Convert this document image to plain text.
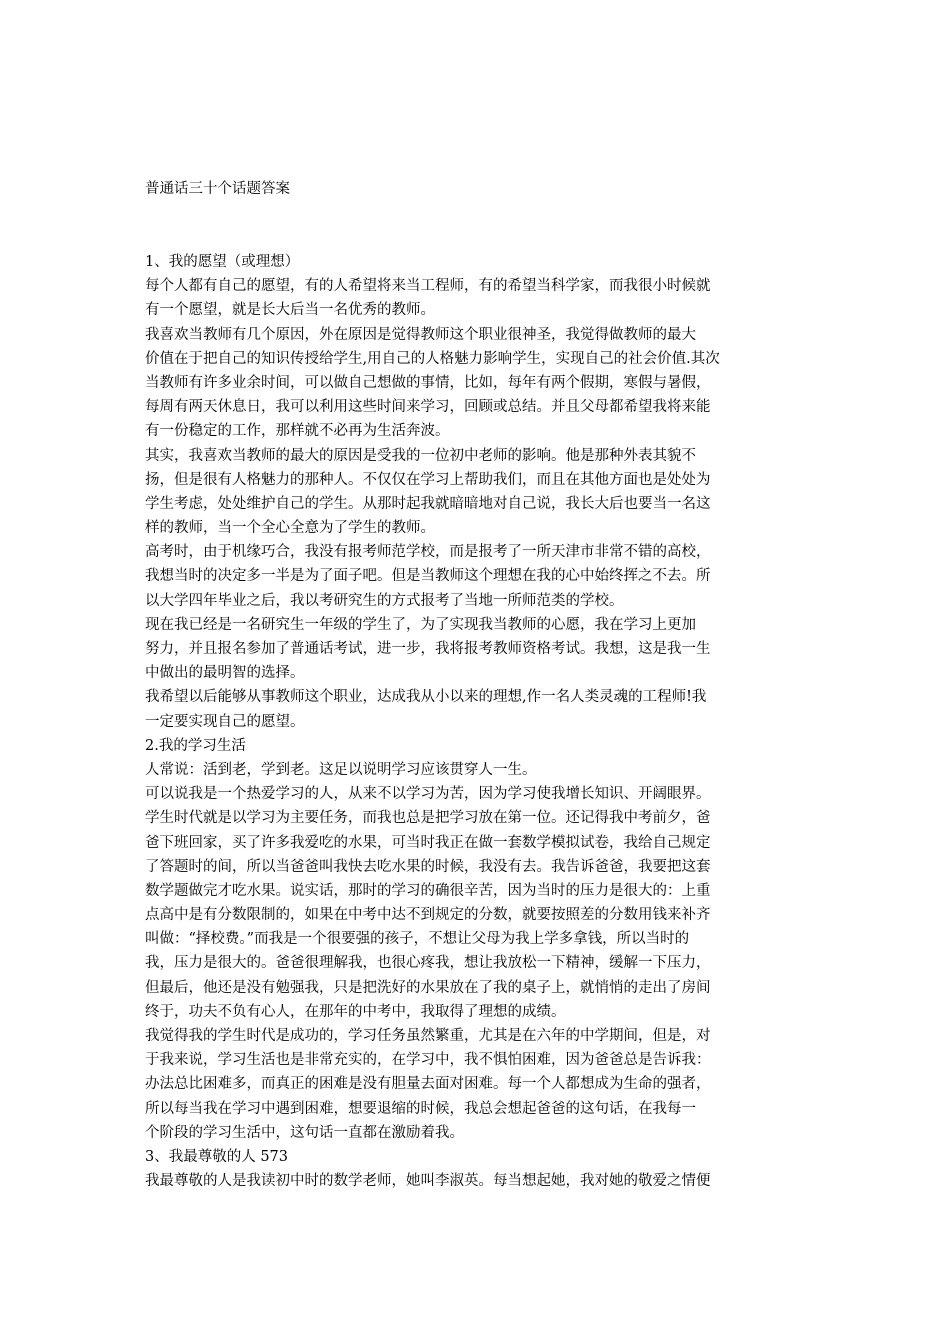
普通话三十个话题答案
1、我的愿望（或理想）
每个人都有自己的愿望，有的人希望将来当工程师，有的希望当科学家，而我很小时候就
有一个愿望，就是长大后当一名优秀的教师。
我喜欢当教师有几个原因，外在原因是觉得教师这个职业很神圣，我觉得做教师的最大
价值在于把自己的知识传授给学生,用自己的人格魅力影响学生，实现自己的社会价值.其次
当教师有许多业余时间，可以做自己想做的事情，比如，每年有两个假期，寒假与暑假，
每周有两天休息日，我可以利用这些时间来学习，回顾或总结。并且父母都希望我将来能
有一份稳定的工作，那样就不必再为生活奔波。
其实，我喜欢当教师的最大的原因是受我的一位初中老师的影响。他是那种外表其貌不
扬，但是很有人格魅力的那种人。不仅仅在学习上帮助我们，而且在其他方面也是处处为
学生考虑，处处维护自己的学生。从那时起我就暗暗地对自己说，我长大后也要当一名这
样的教师，当一个全心全意为了学生的教师。
高考时，由于机缘巧合，我没有报考师范学校，而是报考了一所天津市非常不错的高校，
我想当时的决定多一半是为了面子吧。但是当教师这个理想在我的心中始终挥之不去。所
以大学四年毕业之后，我以考研究生的方式报考了当地一所师范类的学校。
现在我已经是一名研究生一年级的学生了，为了实现我当教师的心愿，我在学习上更加
努力，并且报名参加了普通话考试，进一步，我将报考教师资格考试。我想，这是我一生
中做出的最明智的选择。
我希望以后能够从事教师这个职业，达成我从小以来的理想,作一名人类灵魂的工程师!我
一定要实现自己的愿望。
2.我的学习生活
人常说：活到老，学到老。这足以说明学习应该贯穿人一生。
可以说我是一个热爱学习的人，从来不以学习为苦，因为学习使我增长知识、开阔眼界。
学生时代就是以学习为主要任务，而我也总是把学习放在第一位。还记得我中考前夕，爸
爸下班回家，买了许多我爱吃的水果，可当时我正在做一套数学模拟试卷，我给自己规定
了答题时的间，所以当爸爸叫我快去吃水果的时候，我没有去。我告诉爸爸，我要把这套
数学题做完才吃水果。说实话，那时的学习的确很辛苦，因为当时的压力是很大的：上重
点高中是有分数限制的，如果在中考中达不到规定的分数，就要按照差的分数用钱来补齐
叫做：“择校费。”而我是一个很要强的孩子，不想让父母为我上学多拿钱，所以当时的
我，压力是很大的。爸爸很理解我，也很心疼我，想让我放松一下精神，缓解一下压力，
但最后，他还是没有勉强我，只是把洗好的水果放在了我的桌子上，就悄悄的走出了房间
终于，功夫不负有心人，在那年的中考中，我取得了理想的成绩。
我觉得我的学生时代是成功的，学习任务虽然繁重，尤其是在六年的中学期间，但是，对
于我来说，学习生活也是非常充实的，在学习中，我不惧怕困难，因为爸爸总是告诉我：
办法总比困难多，而真正的困难是没有胆量去面对困难。每一个人都想成为生命的强者，
所以每当我在学习中遇到困难，想要退缩的时候，我总会想起爸爸的这句话，在我每一
个阶段的学习生活中，这句话一直都在激励着我。
3、我最尊敬的人 573
我最尊敬的人是我读初中时的数学老师，她叫李淑英。每当想起她，我对她的敬爱之情便
